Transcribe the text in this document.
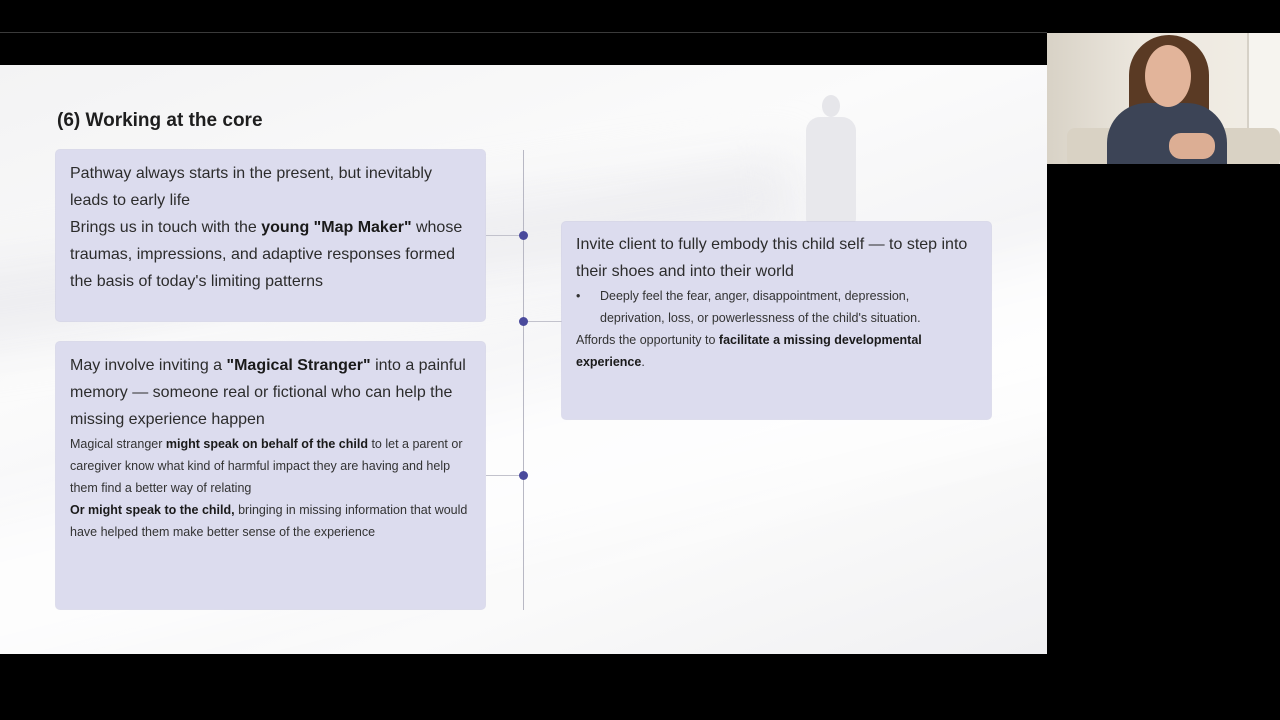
(6) Working at the core
Pathway always starts in the present, but inevitably leads to early life
Brings us in touch with the young "Map Maker" whose traumas, impressions, and adaptive responses formed the basis of today's limiting patterns
May involve inviting a "Magical Stranger" into a painful memory — someone real or fictional who can help the missing experience happen
Magical stranger might speak on behalf of the child to let a parent or caregiver know what kind of harmful impact they are having and help them find a better way of relating
Or might speak to the child, bringing in missing information that would have helped them make better sense of the experience
Invite client to fully embody this child self — to step into their shoes and into their world
• Deeply feel the fear, anger, disappointment, depression, deprivation, loss, or powerlessness of the child's situation.
Affords the opportunity to facilitate a missing developmental experience.
